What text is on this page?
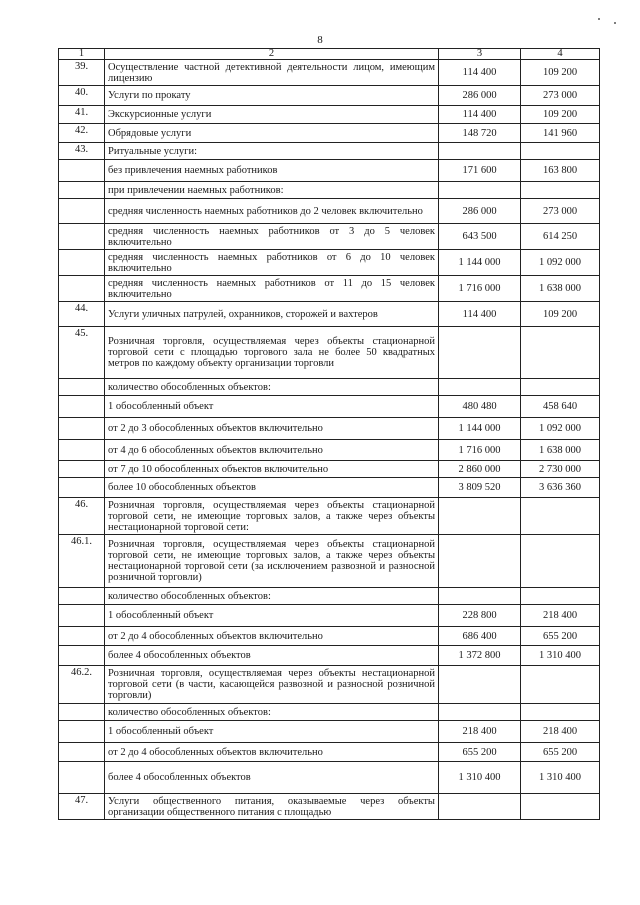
8
1	2	3	4
39.	Осуществление частной детективной деятельности лицом, имеющим лицензию	114 400	109 200
40.	Услуги по прокату	286 000	273 000
41.	Экскурсионные услуги	114 400	109 200
42.	Обрядовые услуги	148 720	141 960
43.	Ритуальные услуги:		
	без привлечения наемных работников	171 600	163 800
	при привлечении наемных работников:		
	средняя численность наемных работников до 2 человек включительно	286 000	273 000
	средняя численность наемных работников от 3 до 5 человек включительно	643 500	614 250
	средняя численность наемных работников от 6 до 10 человек включительно	1 144 000	1 092 000
	средняя численность наемных работников от 11 до 15 человек включительно	1 716 000	1 638 000
44.	Услуги уличных патрулей, охранников, сторожей и вахтеров	114 400	109 200
45.	Розничная торговля, осуществляемая через объекты стационарной торговой сети с площадью торгового зала не более 50 квадратных метров по каждому объекту организации торговли		
	количество обособленных объектов:		
	1 обособленный объект	480 480	458 640
	от 2 до 3 обособленных объектов включительно	1 144 000	1 092 000
	от 4 до 6 обособленных объектов включительно	1 716 000	1 638 000
	от 7 до 10 обособленных объектов включительно	2 860 000	2 730 000
	более 10 обособленных объектов	3 809 520	3 636 360
46.	Розничная торговля, осуществляемая через объекты стационарной торговой сети, не имеющие торговых залов, а также через объекты нестационарной торговой сети:		
46.1.	Розничная торговля, осуществляемая через объекты стационарной торговой сети, не имеющие торговых залов, а также через объекты нестационарной торговой сети (за исключением развозной и разносной розничной торговли)		
	количество обособленных объектов:		
	1 обособленный объект	228 800	218 400
	от 2 до 4 обособленных объектов включительно	686 400	655 200
	более 4 обособленных объектов	1 372 800	1 310 400
46.2.	Розничная торговля, осуществляемая через объекты нестационарной торговой сети (в части, касающейся развозной и разносной розничной торговли)		
	количество обособленных объектов:		
	1 обособленный объект	218 400	218 400
	от 2 до 4 обособленных объектов включительно	655 200	655 200
	более 4 обособленных объектов	1 310 400	1 310 400
47.	Услуги общественного питания, оказываемые через объекты организации общественного питания с площадью		
